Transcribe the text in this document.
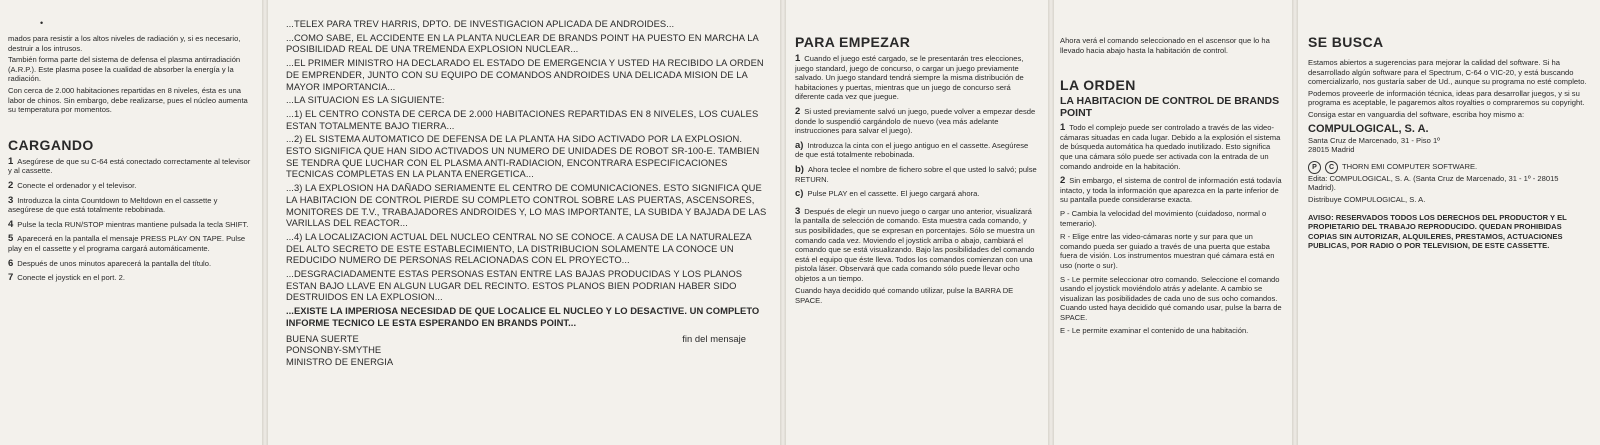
•

mados para resistir a los altos niveles de radiación y, si es necesario, destruir a los intrusos.

También forma parte del sistema de defensa el plasma antirradiación (A.R.P.). Este plasma posee la cualidad de absorber la energía y la radiación.

Con cerca de 2.000 habitaciones repartidas en 8 niveles, ésta es una labor de chinos. Sin embargo, debe realizarse, pues el núcleo aumenta su temperatura por momentos.

CARGANDO

1 Asegúrese de que su C-64 está conectado correctamente al televisor y al cassette.

2 Conecte el ordenador y el televisor.

3 Introduzca la cinta Countdown to Meltdown en el cassette y asegúrese de que está totalmente rebobinada.

4 Pulse la tecla RUN/STOP mientras mantiene pulsada la tecla SHIFT.

5 Aparecerá en la pantalla el mensaje PRESS PLAY ON TAPE. Pulse play en el cassette y el programa cargará automáticamente.

6 Después de unos minutos aparecerá la pantalla del título.

7 Conecte el joystick en el port. 2.

...TELEX PARA TREV HARRIS, DPTO. DE INVESTIGACION APLICADA DE ANDROIDES...

...COMO SABE, EL ACCIDENTE EN LA PLANTA NUCLEAR DE BRANDS POINT HA PUESTO EN MARCHA LA POSIBILIDAD REAL DE UNA TREMENDA EXPLOSION NUCLEAR...

...EL PRIMER MINISTRO HA DECLARADO EL ESTADO DE EMERGENCIA Y USTED HA RECIBIDO LA ORDEN DE EMPRENDER, JUNTO CON SU EQUIPO DE COMANDOS ANDROIDES UNA DELICADA MISION DE LA MAYOR IMPORTANCIA...

...LA SITUACION ES LA SIGUIENTE:

...1) EL CENTRO CONSTA DE CERCA DE 2.000 HABITACIONES REPARTIDAS EN 8 NIVELES, LOS CUALES ESTAN TOTALMENTE BAJO TIERRA...

...2) EL SISTEMA AUTOMATICO DE DEFENSA DE LA PLANTA HA SIDO ACTIVADO POR LA EXPLOSION. ESTO SIGNIFICA QUE HAN SIDO ACTIVADOS UN NUMERO DE UNIDADES DE ROBOT SR-100-E. TAMBIEN SE TENDRA QUE LUCHAR CON EL PLASMA ANTI-RADIACION, ENCONTRARA ESPECIFICACIONES TECNICAS COMPLETAS EN LA PLANTA ENERGETICA...

...3) LA EXPLOSION HA DAÑADO SERIAMENTE EL CENTRO DE COMUNICACIONES. ESTO SIGNIFICA QUE LA HABITACION DE CONTROL PIERDE SU COMPLETO CONTROL SOBRE LAS PUERTAS, ASCENSORES, MONITORES DE T.V., TRABAJADORES ANDROIDES Y, LO MAS IMPORTANTE, LA SUBIDA Y BAJADA DE LAS VARILLAS DEL REACTOR...

...4) LA LOCALIZACION ACTUAL DEL NUCLEO CENTRAL NO SE CONOCE. A CAUSA DE LA NATURALEZA DEL ALTO SECRETO DE ESTE ESTABLECIMIENTO, LA DISTRIBUCION SOLAMENTE LA CONOCE UN REDUCIDO NUMERO DE PERSONAS RELACIONADAS CON EL PROYECTO...

...DESGRACIADAMENTE ESTAS PERSONAS ESTAN ENTRE LAS BAJAS PRODUCIDAS Y LOS PLANOS ESTAN BAJO LLAVE EN ALGUN LUGAR DEL RECINTO. ESTOS PLANOS BIEN PODRIAN HABER SIDO DESTRUIDOS EN LA EXPLOSION...

...EXISTE LA IMPERIOSA NECESIDAD DE QUE LOCALICE EL NUCLEO Y LO DESACTIVE. UN COMPLETO INFORME TECNICO LE ESTA ESPERANDO EN BRANDS POINT...

BUENA SUERTE	fin del mensaje

PONSONBY-SMYTHE

MINISTRO DE ENERGIA

PARA EMPEZAR

1 Cuando el juego esté cargado, se le presentarán tres elecciones, juego standard, juego de concurso, o cargar un juego previamente salvado. Un juego standard tendrá siempre la misma distribución de habitaciones y puertas, mientras que un juego de concurso será diferente cada vez que juegue.

2 Si usted previamente salvó un juego, puede volver a empezar desde donde lo suspendió cargándolo de nuevo (vea más adelante instrucciones para salvar el juego).

a) Introduzca la cinta con el juego antiguo en el cassette. Asegúrese de que está totalmente rebobinada.

b) Ahora teclee el nombre de fichero sobre el que usted lo salvó; pulse RETURN.

c) Pulse PLAY en el cassette. El juego cargará ahora.

3 Después de elegir un nuevo juego o cargar uno anterior, visualizará la pantalla de selección de comando. Esta muestra cada comando, y sus posibilidades, que se expresan en porcentajes. Sólo se muestra un comando cada vez. Moviendo el joystick arriba o abajo, cambiará el comando que se está visualizando. Bajo las posibilidades del comando está el equipo que éste lleva. Todos los comandos comienzan con una pistola láser. Observará que cada comando sólo puede llevar ocho objetos a un tiempo.

Cuando haya decidido qué comando utilizar, pulse la BARRA DE SPACE.

Ahora verá el comando seleccionado en el ascensor que lo ha llevado hacia abajo hasta la habitación de control.

LA ORDEN
LA HABITACION DE CONTROL DE BRANDS POINT

1 Todo el complejo puede ser controlado a través de las video-cámaras situadas en cada lugar. Debido a la explosión el sistema de búsqueda automática ha quedado inutilizado. Esto significa que una cámara sólo puede ser activada con la entrada de un comando androide en la habitación.

2 Sin embargo, el sistema de control de información está todavía intacto, y toda la información que aparezca en la parte inferior de su pantalla puede considerarse exacta.

P - Cambia la velocidad del movimiento (cuidadoso, normal o temerario).

R - Elige entre las video-cámaras norte y sur para que un comando pueda ser guiado a través de una puerta que estaba fuera de visión. Los instrumentos muestran qué cámara está en uso (norte o sur).

S - Le permite seleccionar otro comando. Seleccione el comando usando el joystick moviéndolo atrás y adelante. A cambio se visualizan las posibilidades de cada uno de sus ocho comandos. Cuando usted haya decidido qué comando usar, pulse la barra de SPACE.

E - Le permite examinar el contenido de una habitación.

SE BUSCA

Estamos abiertos a sugerencias para mejorar la calidad del software. Si ha desarrollado algún software para el Spectrum, C-64 o VIC-20, y está buscando comercializarlo, nos gustaría saber de Ud., aunque su programa no esté completo.

Podemos proveerle de información técnica, ideas para desarrollar juegos, y si su programa es aceptable, le pagaremos altos royalties o compraremos su copyright.

Consiga estar en vanguardia del software, escriba hoy mismo a:

COMPULOGICAL, S. A.

Santa Cruz de Marcenado, 31 - Piso 1º

28015 Madrid

P	C	THORN EMI COMPUTER SOFTWARE.

Edita: COMPULOGICAL, S. A. (Santa Cruz de Marcenado, 31 - 1º - 28015 Madrid).

Distribuye COMPULOGICAL, S. A.

AVISO: RESERVADOS TODOS LOS DERECHOS DEL PRODUCTOR Y EL PROPIETARIO DEL TRABAJO REPRODUCIDO. QUEDAN PROHIBIDAS COPIAS SIN AUTORIZAR, ALQUILERES, PRESTAMOS, ACTUACIONES PUBLICAS, POR RADIO O POR TELEVISION, DE ESTE CASSETTE.
